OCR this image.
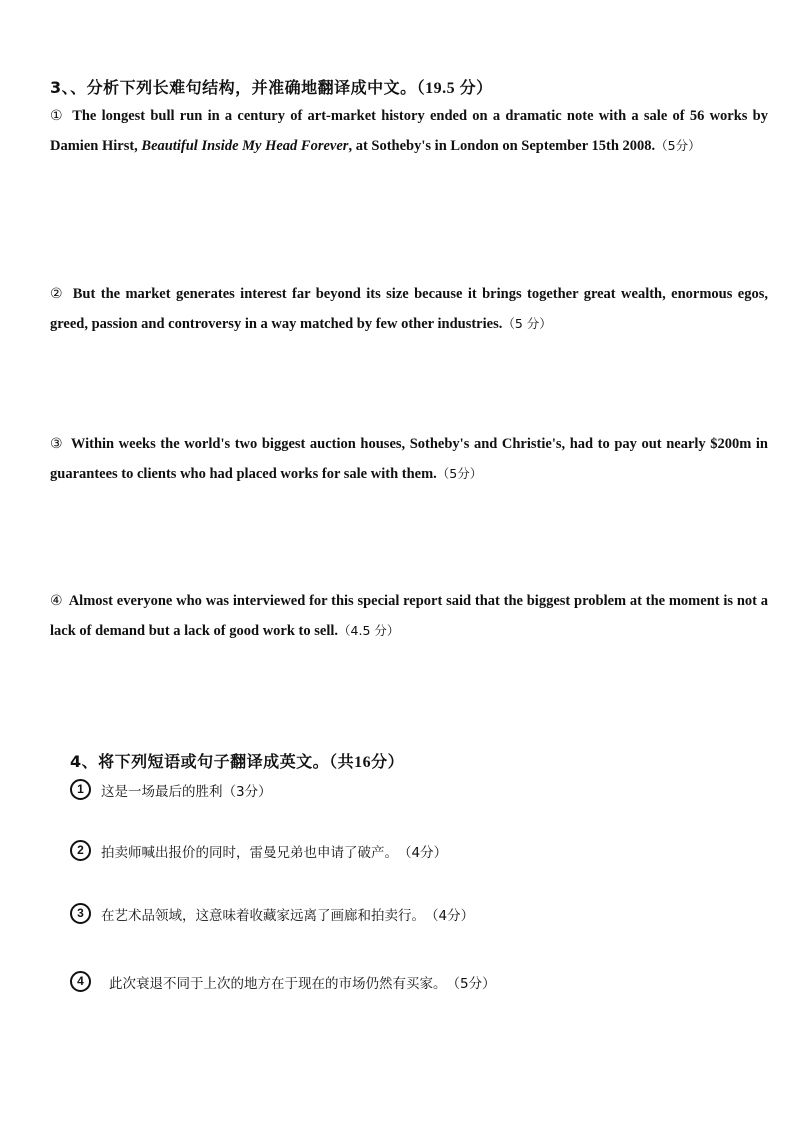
3、、分析下列长难句结构，并准确地翻译成中文。（19.5 分）
① The longest bull run in a century of art-market history ended on a dramatic note with a sale of 56 works by Damien Hirst, Beautiful Inside My Head Forever, at Sotheby's in London on September 15th 2008.（5分）
② But the market generates interest far beyond its size because it brings together great wealth, enormous egos, greed, passion and controversy in a way matched by few other industries.（5 分）
③ Within weeks the world's two biggest auction houses, Sotheby's and Christie's, had to pay out nearly $200m in guarantees to clients who had placed works for sale with them.（5分）
④ Almost everyone who was interviewed for this special report said that the biggest problem at the moment is not a lack of demand but a lack of good work to sell.（4.5 分）
4、将下列短语或句子翻译成英文。（共16分）
1	这是一场最后的胜利 （3分）
2	拍卖师喊出报价的同时，雷曼兄弟也申请了破产。 （4分）
3	在艺术品领域，这意味着收藏家远离了画廊和拍卖行。 （4分）
4	此次衰退不同于上次的地方在于现在的市场仍然有买家。 （5分）
